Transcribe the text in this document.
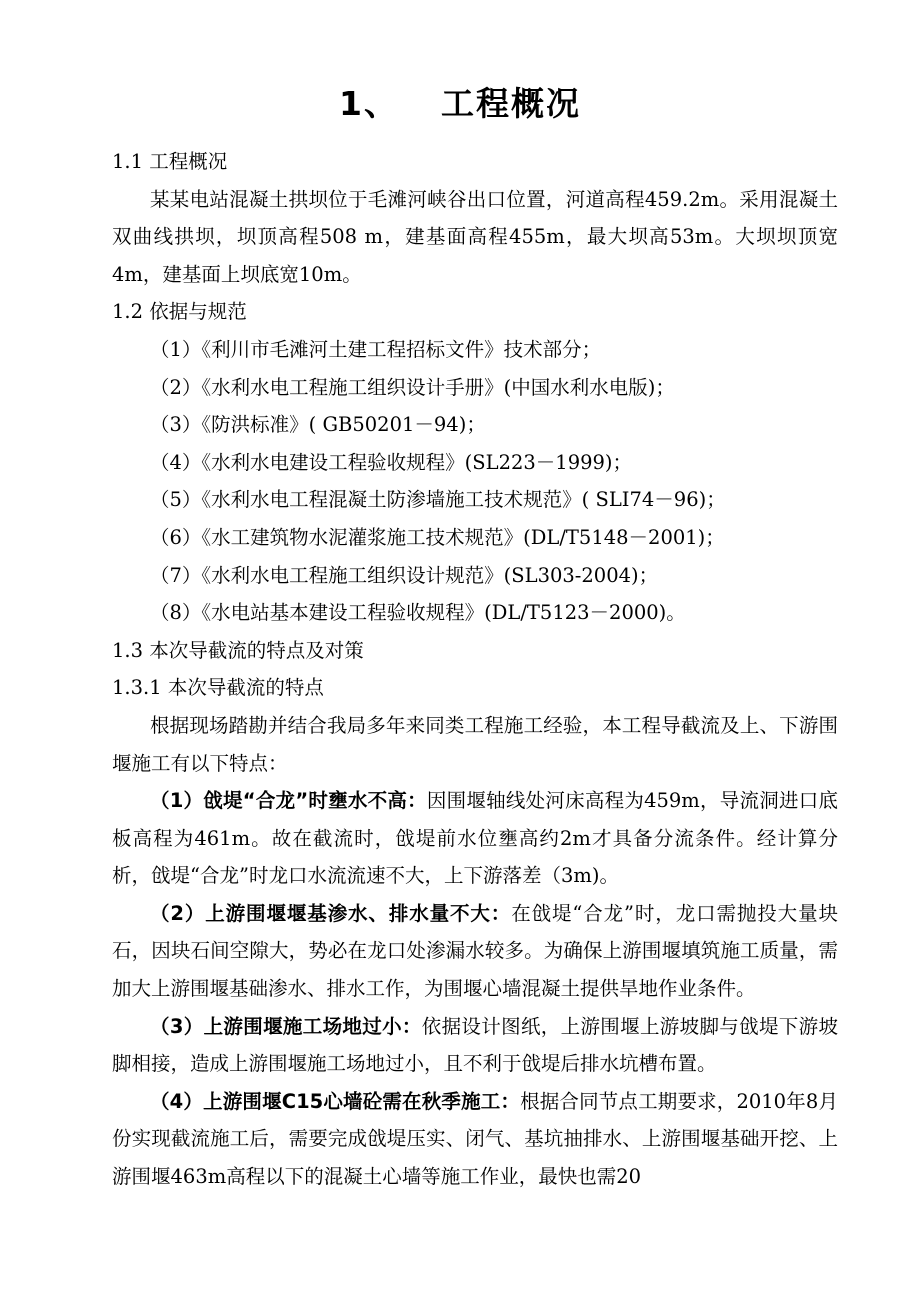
1、 工程概况

1.1 工程概况

某某电站混凝土拱坝位于毛滩河峡谷出口位置，河道高程459.2m。采用混凝土双曲线拱坝，坝顶高程508 m，建基面高程455m，最大坝高53m。大坝坝顶宽4m，建基面上坝底宽10m。

1.2 依据与规范

（1）《利川市毛滩河土建工程招标文件》技术部分；

（2）《水利水电工程施工组织设计手册》(中国水利水电版)；

（3）《防洪标准》( GB50201－94)；

（4）《水利水电建设工程验收规程》(SL223－1999)；

（5）《水利水电工程混凝土防渗墙施工技术规范》( SLI74－96)；

（6）《水工建筑物水泥灌浆施工技术规范》(DL/T5148－2001)；

（7）《水利水电工程施工组织设计规范》(SL303-2004)；

（8）《水电站基本建设工程验收规程》(DL/T5123－2000)。

1.3 本次导截流的特点及对策

1.3.1 本次导截流的特点

根据现场踏勘并结合我局多年来同类工程施工经验，本工程导截流及上、下游围堰施工有以下特点：

（1）戗堤“合龙”时壅水不高：因围堰轴线处河床高程为459m，导流洞进口底板高程为461m。故在截流时，戗堤前水位壅高约2m才具备分流条件。经计算分析，戗堤“合龙”时龙口水流流速不大，上下游落差（3m)。

（2）上游围堰堰基渗水、排水量不大：在戗堤“合龙”时，龙口需抛投大量块石，因块石间空隙大，势必在龙口处渗漏水较多。为确保上游围堰填筑施工质量，需加大上游围堰基础渗水、排水工作，为围堰心墙混凝土提供旱地作业条件。

（3）上游围堰施工场地过小：依据设计图纸，上游围堰上游坡脚与戗堤下游坡脚相接，造成上游围堰施工场地过小，且不利于戗堤后排水坑槽布置。

（4）上游围堰C15心墙砼需在秋季施工：根据合同节点工期要求，2010年8月份实现截流施工后，需要完成戗堤压实、闭气、基坑抽排水、上游围堰基础开挖、上游围堰463m高程以下的混凝土心墙等施工作业，最快也需20
